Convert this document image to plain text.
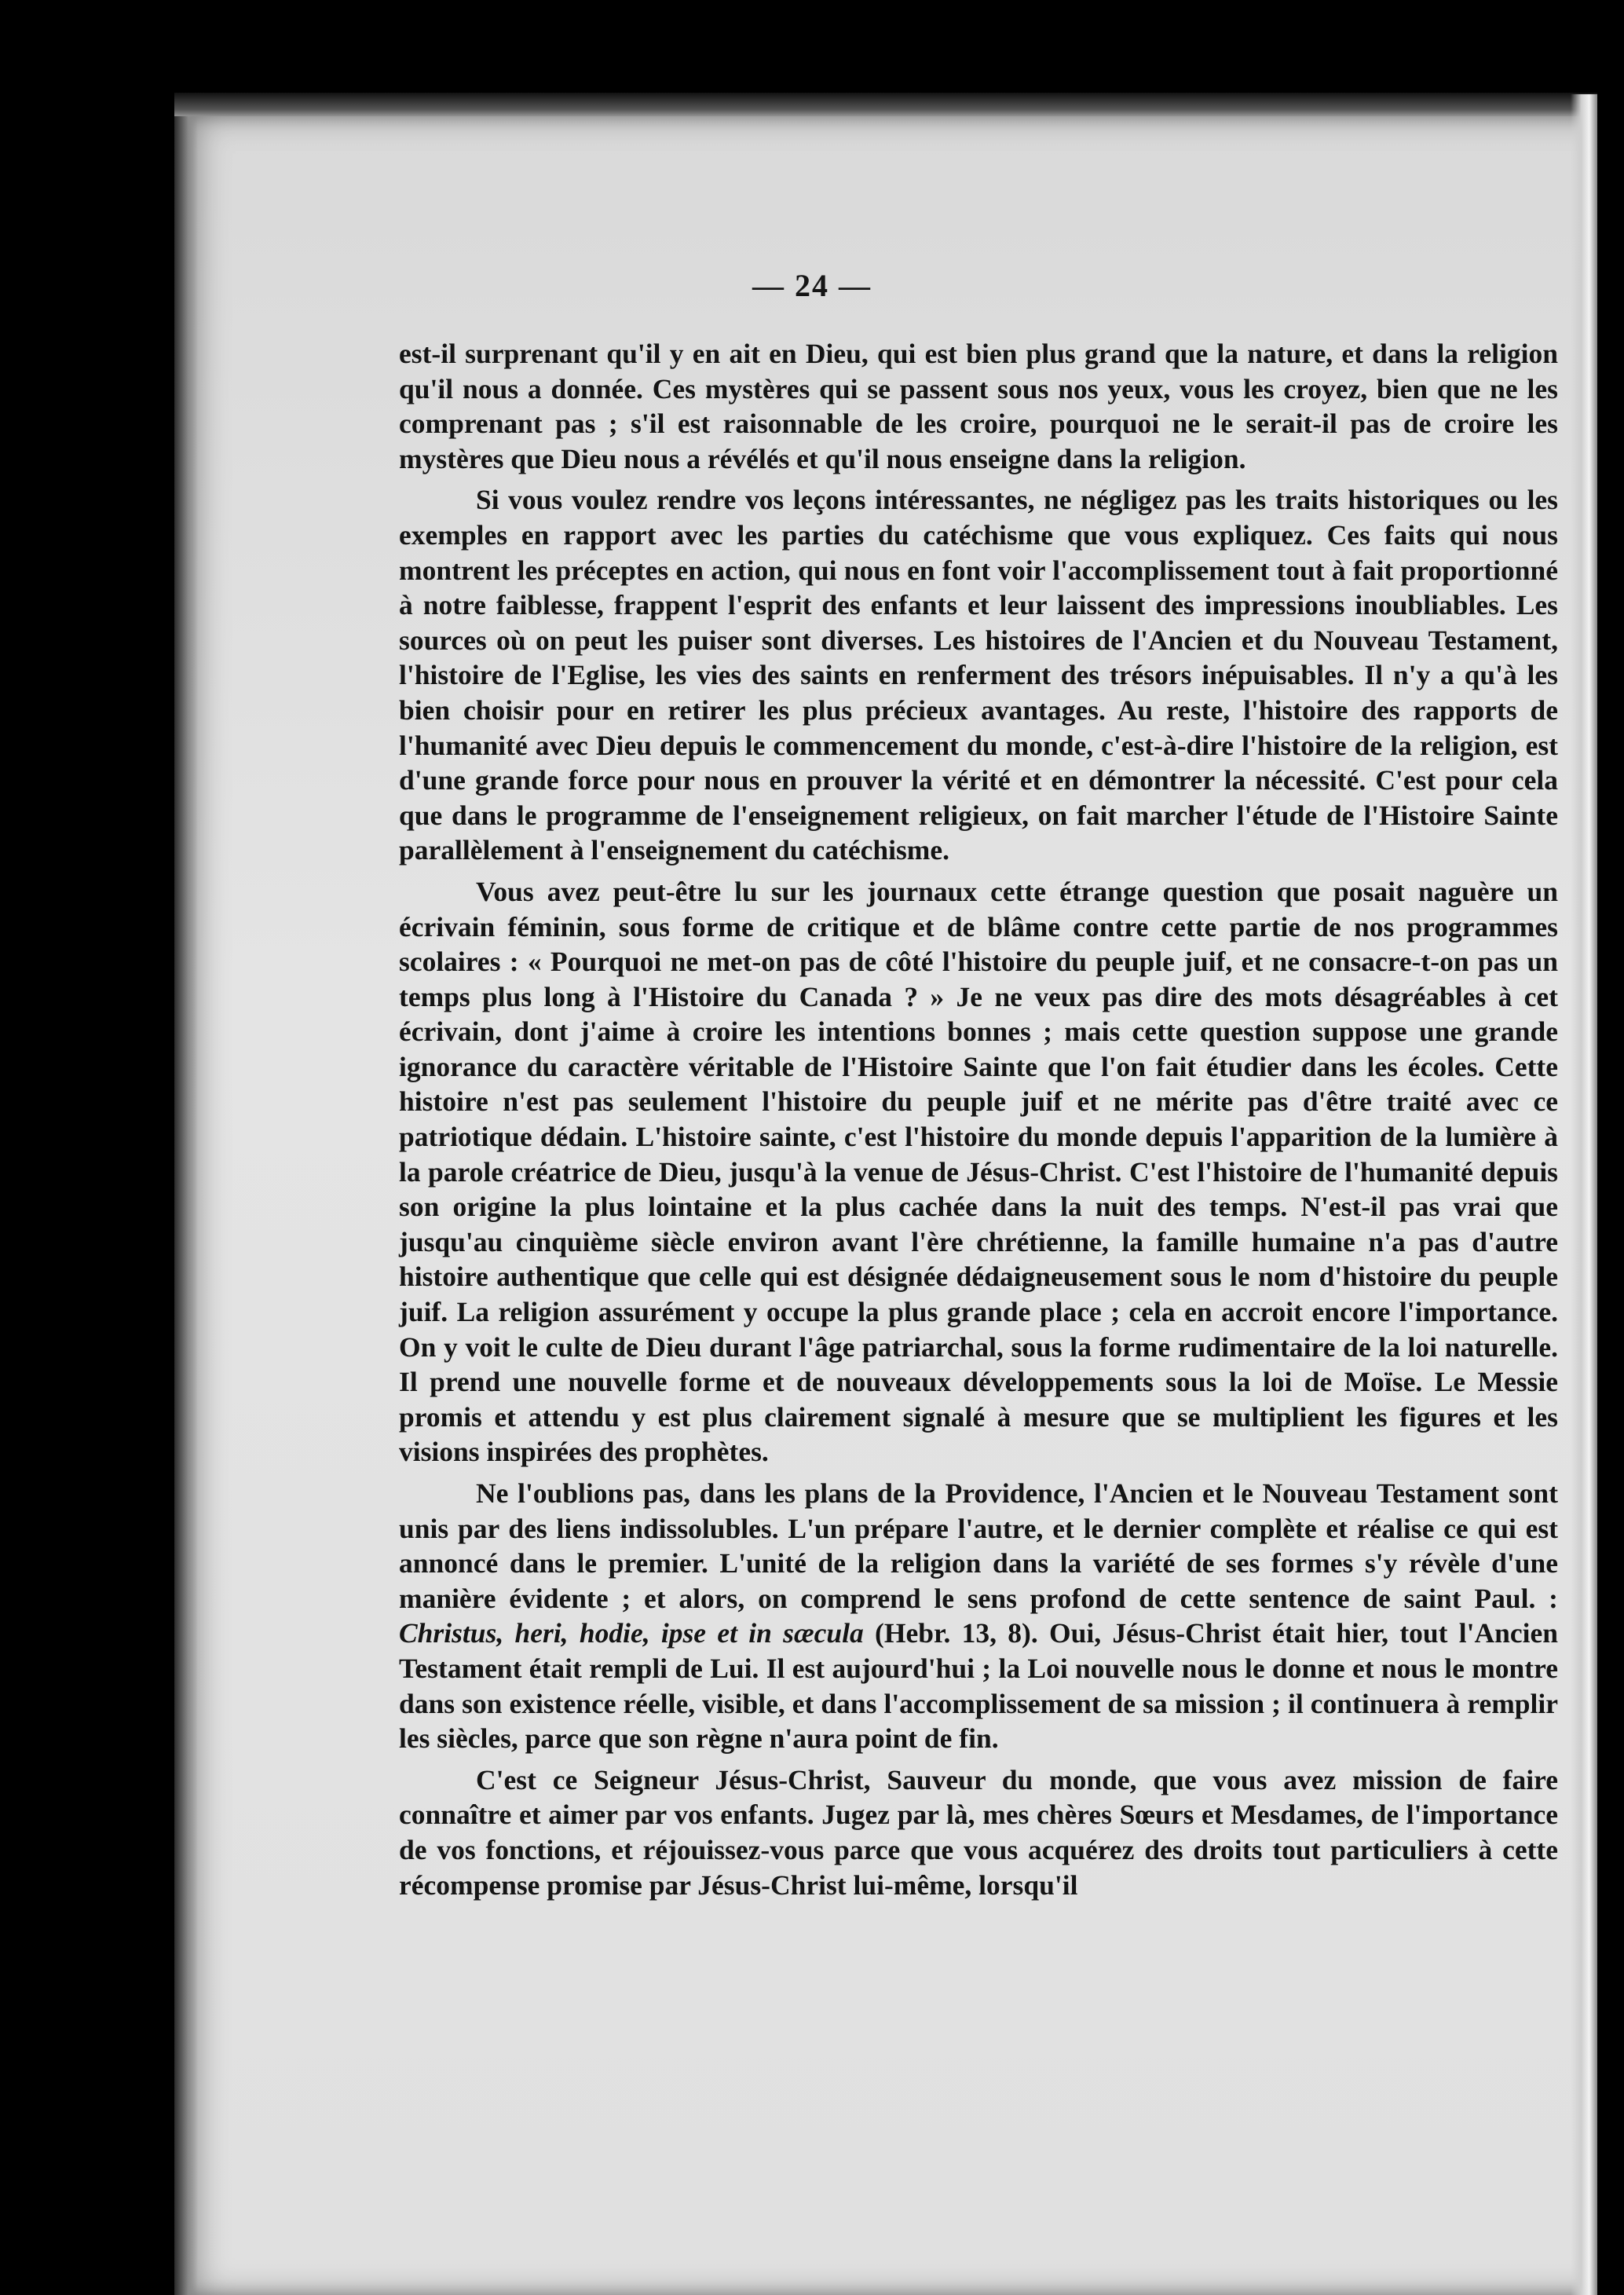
— 24 —

est-il surprenant qu'il y en ait en Dieu, qui est bien plus grand que la nature, et dans la religion qu'il nous a donnée. Ces mystères qui se passent sous nos yeux, vous les croyez, bien que ne les comprenant pas ; s'il est raisonnable de les croire, pourquoi ne le serait-il pas de croire les mystères que Dieu nous a révélés et qu'il nous enseigne dans la religion.

Si vous voulez rendre vos leçons intéressantes, ne négligez pas les traits historiques ou les exemples en rapport avec les parties du catéchisme que vous expliquez. Ces faits qui nous montrent les préceptes en action, qui nous en font voir l'accomplissement tout à fait proportionné à notre faiblesse, frappent l'esprit des enfants et leur laissent des impressions inoubliables. Les sources où on peut les puiser sont diverses. Les histoires de l'Ancien et du Nouveau Testament, l'histoire de l'Eglise, les vies des saints en renferment des trésors inépuisables. Il n'y a qu'à les bien choisir pour en retirer les plus précieux avantages. Au reste, l'histoire des rapports de l'humanité avec Dieu depuis le commencement du monde, c'est-à-dire l'histoire de la religion, est d'une grande force pour nous en prouver la vérité et en démontrer la nécessité. C'est pour cela que dans le programme de l'enseignement religieux, on fait marcher l'étude de l'Histoire Sainte parallèlement à l'enseignement du catéchisme.

Vous avez peut-être lu sur les journaux cette étrange question que posait naguère un écrivain féminin, sous forme de critique et de blâme contre cette partie de nos programmes scolaires : « Pourquoi ne met-on pas de côté l'histoire du peuple juif, et ne consacre-t-on pas un temps plus long à l'Histoire du Canada ? » Je ne veux pas dire des mots désagréables à cet écrivain, dont j'aime à croire les intentions bonnes ; mais cette question suppose une grande ignorance du caractère véritable de l'Histoire Sainte que l'on fait étudier dans les écoles. Cette histoire n'est pas seulement l'histoire du peuple juif et ne mérite pas d'être traité avec ce patriotique dédain. L'histoire sainte, c'est l'histoire du monde depuis l'apparition de la lumière à la parole créatrice de Dieu, jusqu'à la venue de Jésus-Christ. C'est l'histoire de l'humanité depuis son origine la plus lointaine et la plus cachée dans la nuit des temps. N'est-il pas vrai que jusqu'au cinquième siècle environ avant l'ère chrétienne, la famille humaine n'a pas d'autre histoire authentique que celle qui est désignée dédaigneusement sous le nom d'histoire du peuple juif. La religion assurément y occupe la plus grande place ; cela en accroit encore l'importance. On y voit le culte de Dieu durant l'âge patriarchal, sous la forme rudimentaire de la loi naturelle. Il prend une nouvelle forme et de nouveaux développements sous la loi de Moïse. Le Messie promis et attendu y est plus clairement signalé à mesure que se multiplient les figures et les visions inspirées des prophètes.

Ne l'oublions pas, dans les plans de la Providence, l'Ancien et le Nouveau Testament sont unis par des liens indissolubles. L'un prépare l'autre, et le dernier complète et réalise ce qui est annoncé dans le premier. L'unité de la religion dans la variété de ses formes s'y révèle d'une manière évidente ; et alors, on comprend le sens profond de cette sentence de saint Paul. : Christus, heri, hodie, ipse et in sæcula (Hebr. 13, 8). Oui, Jésus-Christ était hier, tout l'Ancien Testament était rempli de Lui. Il est aujourd'hui ; la Loi nouvelle nous le donne et nous le montre dans son existence réelle, visible, et dans l'accomplissement de sa mission ; il continuera à remplir les siècles, parce que son règne n'aura point de fin.

C'est ce Seigneur Jésus-Christ, Sauveur du monde, que vous avez mission de faire connaître et aimer par vos enfants. Jugez par là, mes chères Sœurs et Mesdames, de l'importance de vos fonctions, et réjouissez-vous parce que vous acquérez des droits tout particuliers à cette récompense promise par Jésus-Christ lui-même, lorsqu'il
